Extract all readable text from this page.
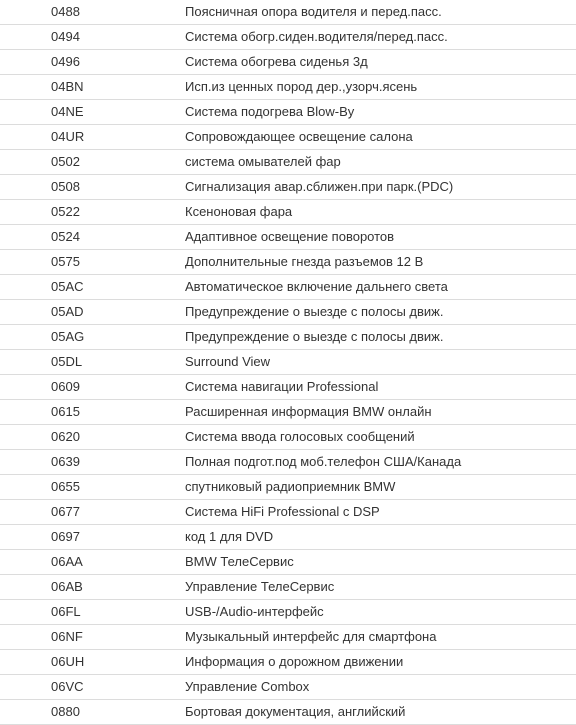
0488	Поясничная опора водителя и перед.пасс.
0494	Система обогр.сиден.водителя/перед.пасс.
0496	Система обогрева сиденья 3д
04BN	Исп.из ценных пород дер.,узорч.ясень
04NE	Система подогрева Blow-By
04UR	Сопровождающее освещение салона
0502	система омывателей фар
0508	Сигнализация авар.сближен.при парк.(PDC)
0522	Ксеноновая фара
0524	Адаптивное освещение поворотов
0575	Дополнительные гнезда разъемов 12 В
05AC	Автоматическое включение дальнего света
05AD	Предупреждение о выезде с полосы движ.
05AG	Предупреждение о выезде с полосы движ.
05DL	Surround View
0609	Система навигации Professional
0615	Расширенная информация BMW онлайн
0620	Система ввода голосовых сообщений
0639	Полная подгот.под моб.телефон США/Канада
0655	спутниковый радиоприемник BMW
0677	Система HiFi Professional с DSP
0697	код 1 для DVD
06AA	BMW ТелеСервис
06AB	Управление ТелеСервис
06FL	USB-/Audio-интерфейс
06NF	Музыкальный интерфейс для смартфона
06UH	Информация о дорожном движении
06VC	Управление Combox
0880	Бортовая документация, английский
